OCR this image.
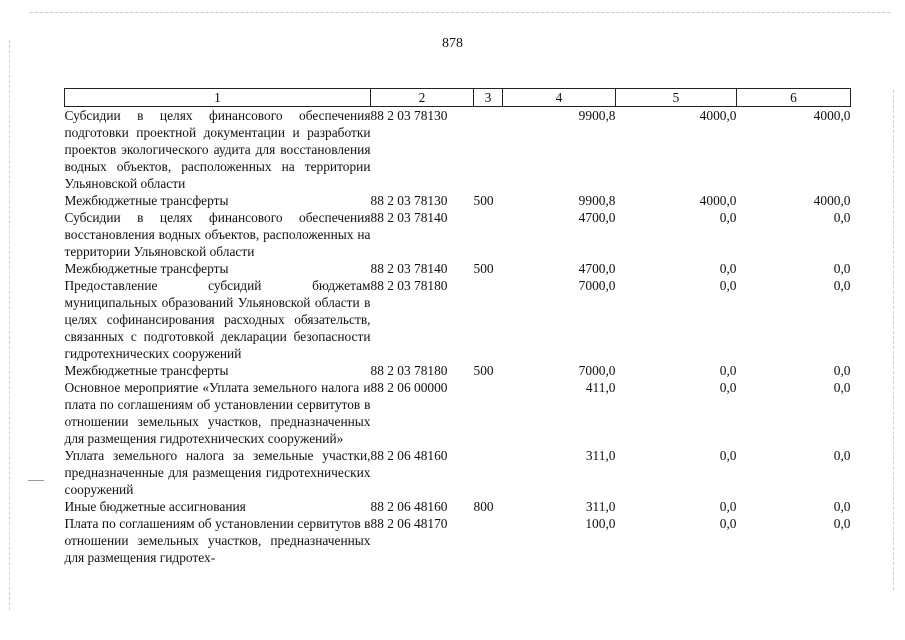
878
1	2	3	4	5	6
Субсидии в целях финансового обеспечения подготовки проектной документации и разработки проектов экологического аудита для восстановления водных объектов, расположенных на территории Ульяновской области	88 2 03 78130		9900,8	4000,0	4000,0
Межбюджетные трансферты	88 2 03 78130	500	9900,8	4000,0	4000,0
Субсидии в целях финансового обеспечения восстановления водных объектов, расположенных на территории Ульяновской области	88 2 03 78140		4700,0	0,0	0,0
Межбюджетные трансферты	88 2 03 78140	500	4700,0	0,0	0,0
Предоставление субсидий бюджетам муниципальных образований Ульяновской области в целях софинансирования расходных обязательств, связанных с подготовкой декларации безопасности гидротехнических сооружений	88 2 03 78180		7000,0	0,0	0,0
Межбюджетные трансферты	88 2 03 78180	500	7000,0	0,0	0,0
Основное мероприятие «Уплата земельного налога и плата по соглашениям об установлении сервитутов в отношении земельных участков, предназначенных для размещения гидротехнических сооружений»	88 2 06 00000		411,0	0,0	0,0
Уплата земельного налога за земельные участки, предназначенные для размещения гидротехнических сооружений	88 2 06 48160		311,0	0,0	0,0
Иные бюджетные ассигнования	88 2 06 48160	800	311,0	0,0	0,0
Плата по соглашениям об установлении сервитутов в отношении земельных участков, предназначенных для размещения гидротех-	88 2 06 48170		100,0	0,0	0,0
